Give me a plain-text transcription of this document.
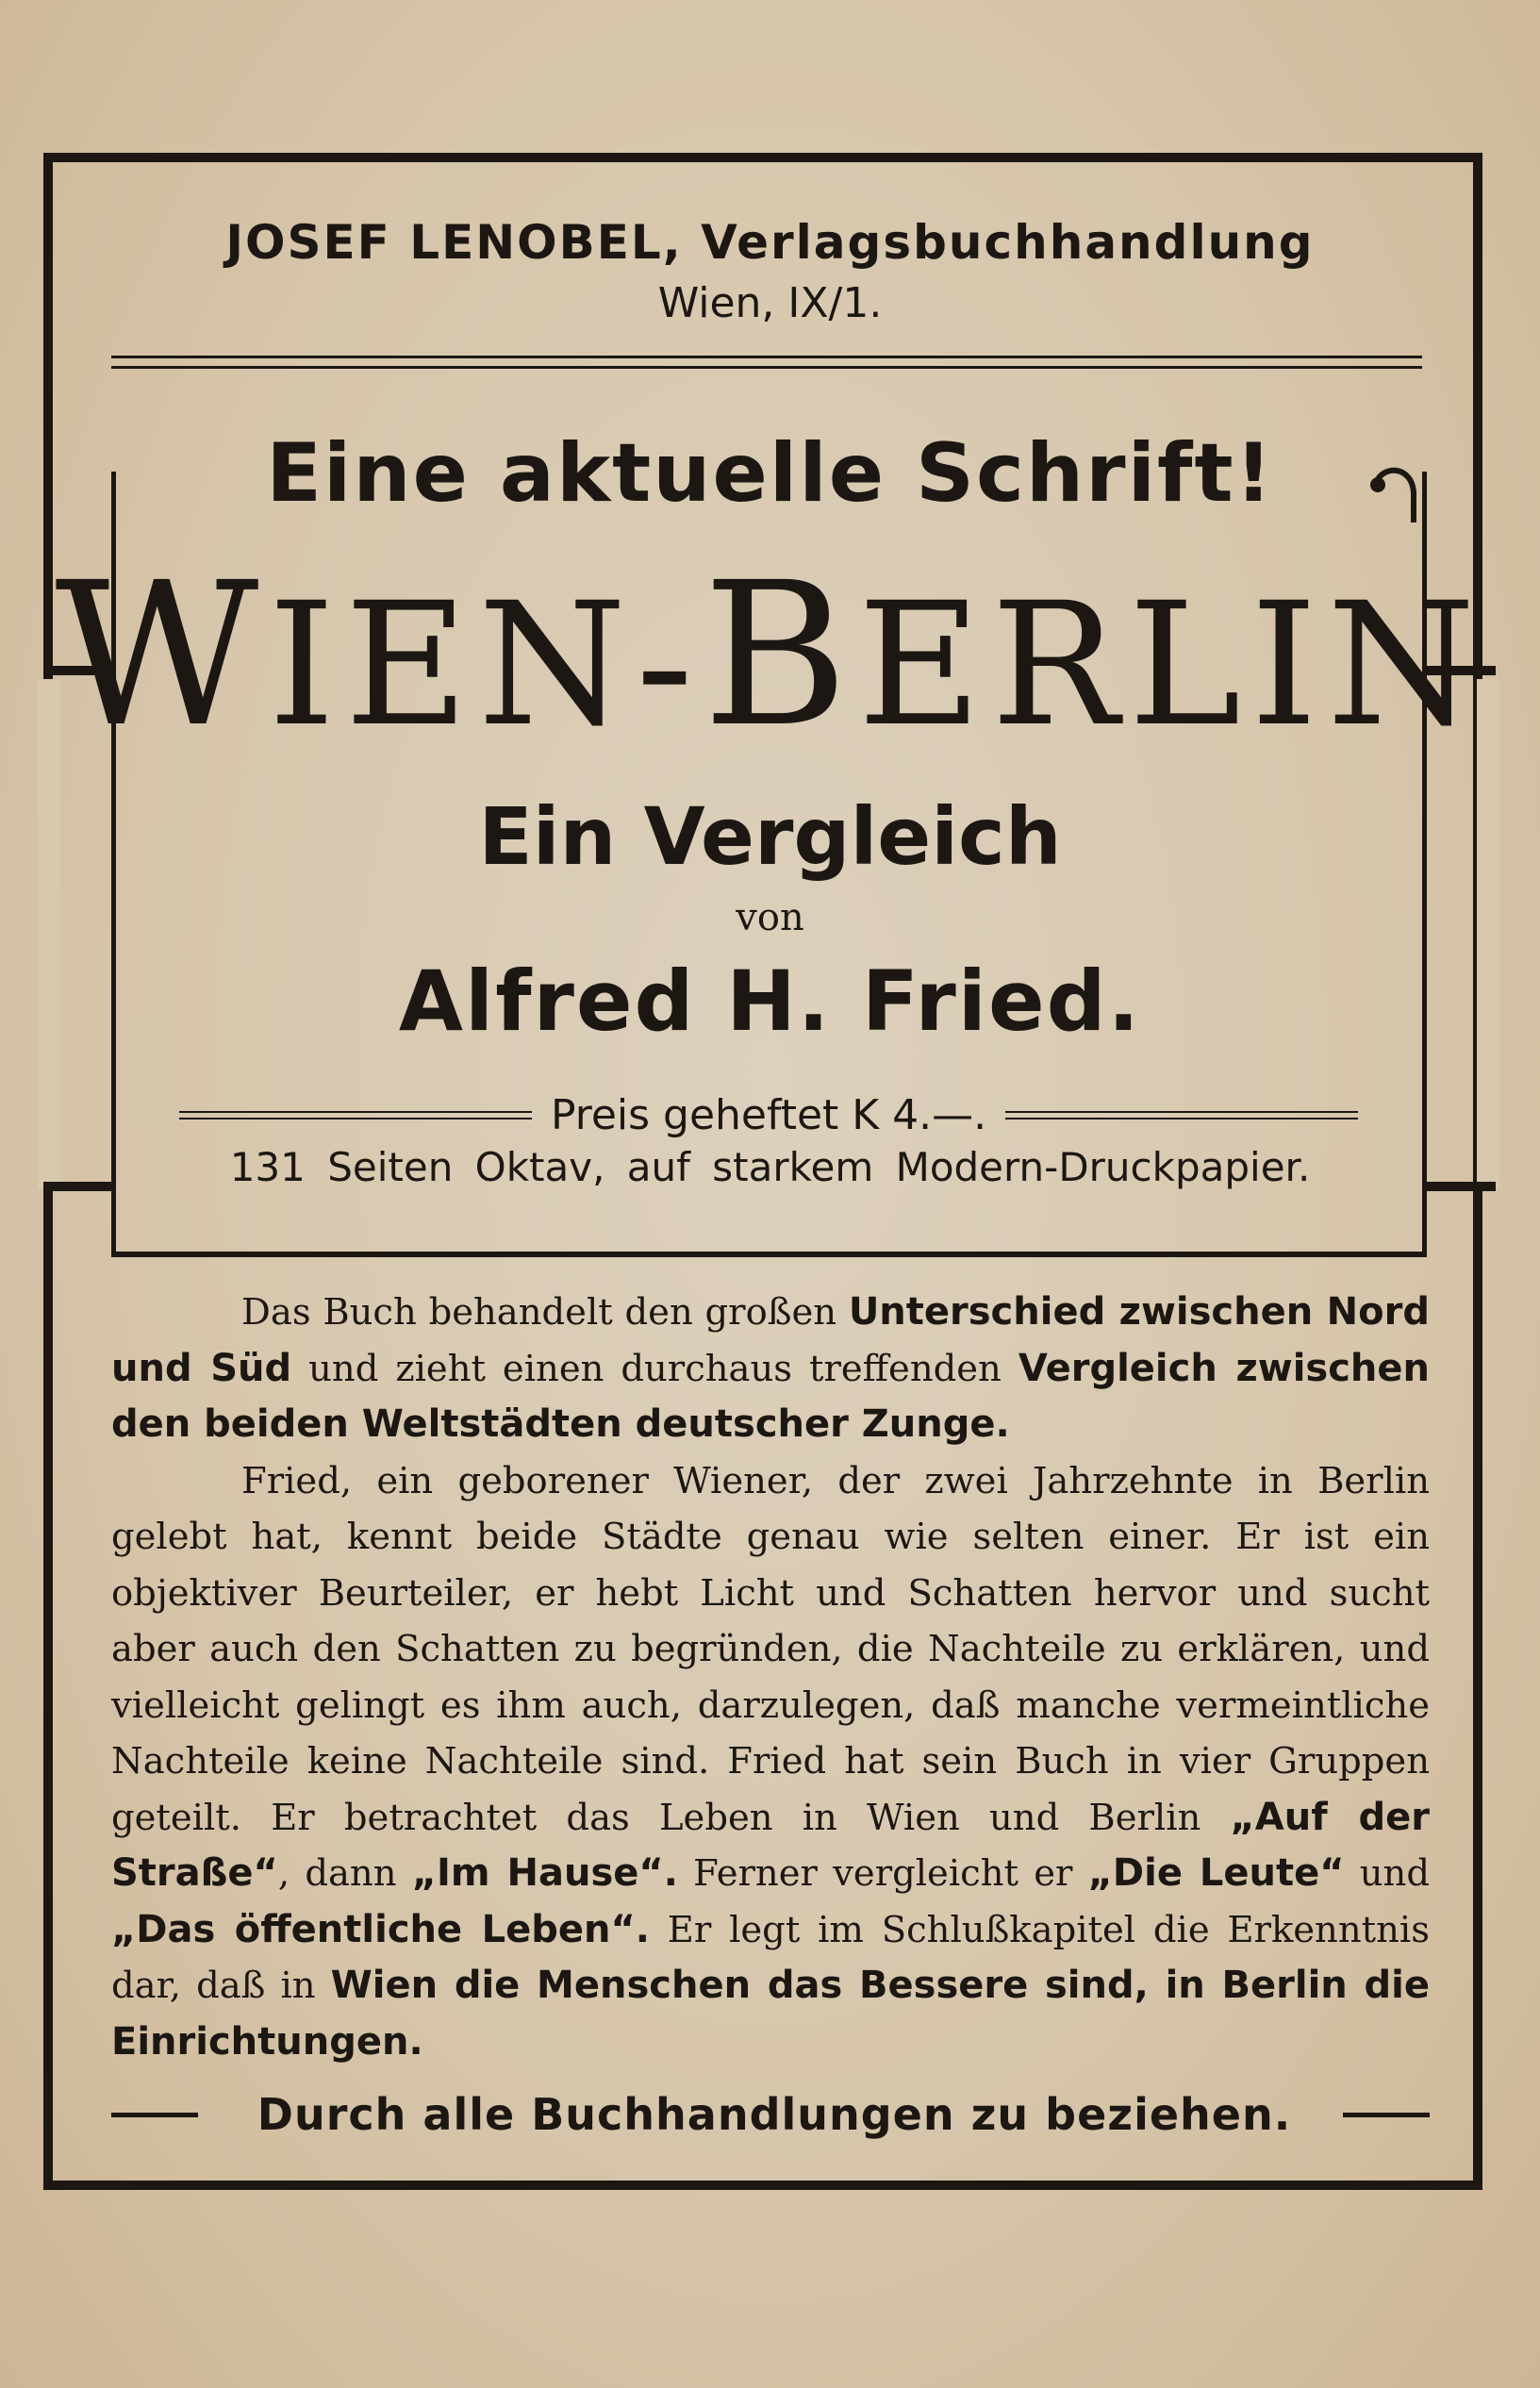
JOSEF LENOBEL, Verlagsbuchhandlung
Wien, IX/1.
Eine aktuelle Schrift!
WIEN-BERLIN
Ein Vergleich
von
Alfred H. Fried.
Preis geheftet K 4.—.
131 Seiten Oktav, auf starkem Modern-Druckpapier.

Das Buch behandelt den großen Unterschied zwischen Nord und Süd und zieht einen durchaus treffenden Vergleich zwischen den beiden Weltstädten deutscher Zunge.

Fried, ein geborener Wiener, der zwei Jahrzehnte in Berlin gelebt hat, kennt beide Städte genau wie selten einer. Er ist ein objektiver Beurteiler, er hebt Licht und Schatten hervor und sucht aber auch den Schatten zu begründen, die Nachteile zu erklären, und vielleicht gelingt es ihm auch, darzulegen, daß manche vermeintliche Nachteile keine Nachteile sind. Fried hat sein Buch in vier Gruppen geteilt. Er betrachtet das Leben in Wien und Berlin „Auf der Straße“, dann „Im Hause“. Ferner vergleicht er „Die Leute“ und „Das öffentliche Leben“. Er legt im Schlußkapitel die Erkenntnis dar, daß in Wien die Menschen das Bessere sind, in Berlin die Einrichtungen.

Durch alle Buchhandlungen zu beziehen.
